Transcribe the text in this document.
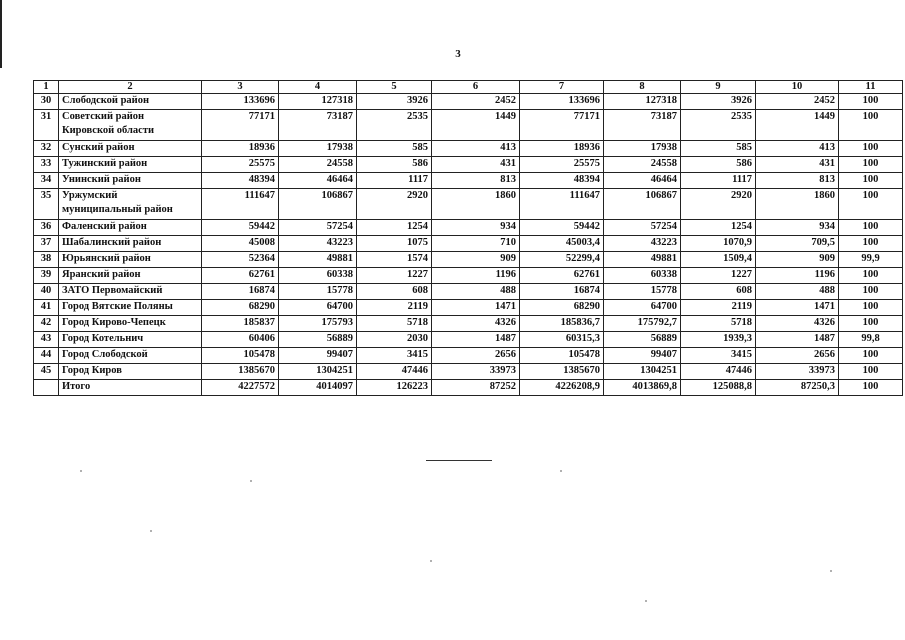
3
1	2	3	4	5	6	7	8	9	10	11
30	Слободской район	133696	127318	3926	2452	133696	127318	3926	2452	100
31	Советский район Кировской области	77171	73187	2535	1449	77171	73187	2535	1449	100
32	Сунский район	18936	17938	585	413	18936	17938	585	413	100
33	Тужинский район	25575	24558	586	431	25575	24558	586	431	100
34	Унинский район	48394	46464	1117	813	48394	46464	1117	813	100
35	Уржумский муниципальный район	111647	106867	2920	1860	111647	106867	2920	1860	100
36	Фаленский район	59442	57254	1254	934	59442	57254	1254	934	100
37	Шабалинский район	45008	43223	1075	710	45003,4	43223	1070,9	709,5	100
38	Юрьянский район	52364	49881	1574	909	52299,4	49881	1509,4	909	99,9
39	Яранский район	62761	60338	1227	1196	62761	60338	1227	1196	100
40	ЗАТО Первомайский	16874	15778	608	488	16874	15778	608	488	100
41	Город Вятские Поляны	68290	64700	2119	1471	68290	64700	2119	1471	100
42	Город Кирово-Чепецк	185837	175793	5718	4326	185836,7	175792,7	5718	4326	100
43	Город Котельнич	60406	56889	2030	1487	60315,3	56889	1939,3	1487	99,8
44	Город Слободской	105478	99407	3415	2656	105478	99407	3415	2656	100
45	Город Киров	1385670	1304251	47446	33973	1385670	1304251	47446	33973	100
	Итого	4227572	4014097	126223	87252	4226208,9	4013869,8	125088,8	87250,3	100
